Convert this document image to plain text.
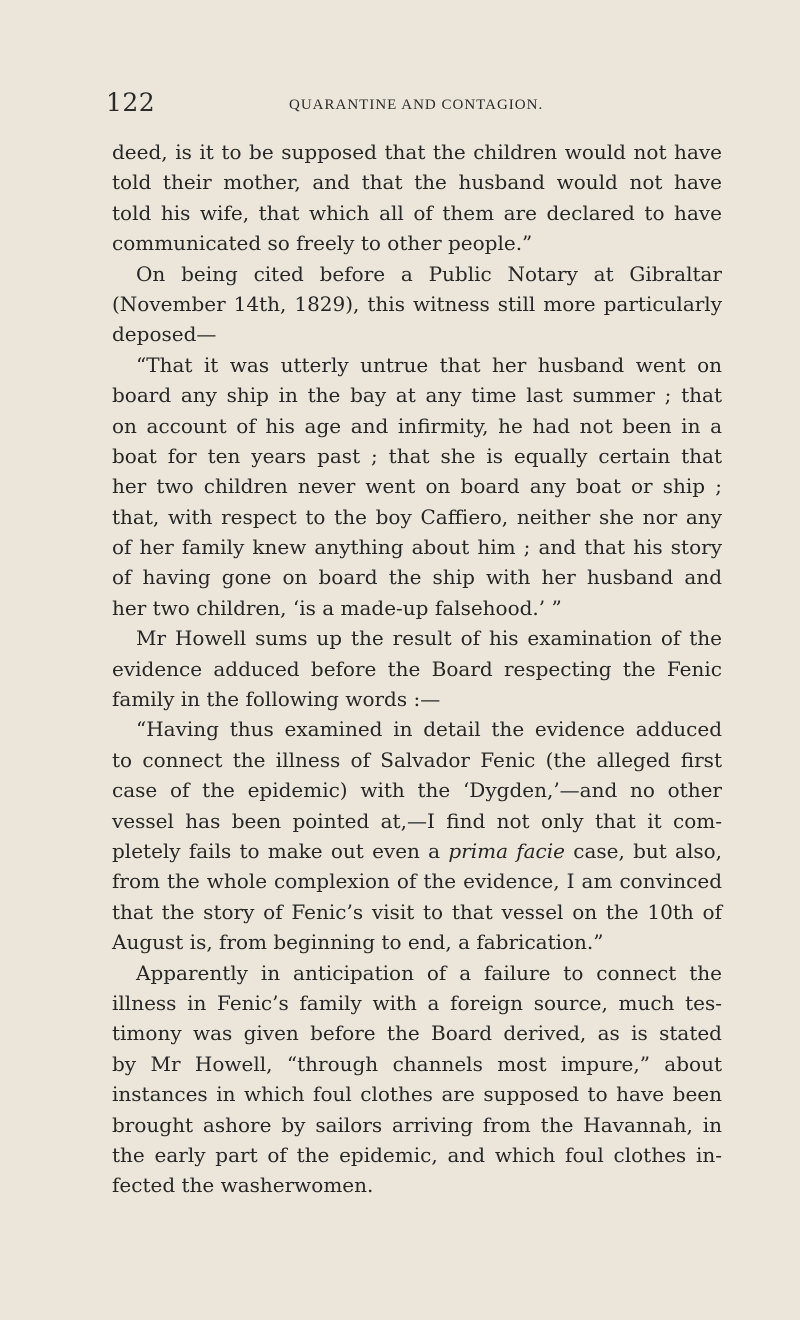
122	QUARANTINE AND CONTAGION.
deed, is it to be supposed that the children would not have
told their mother, and that the husband would not have
told his wife, that which all of them are declared to have
communicated so freely to other people.”
On being cited before a Public Notary at Gibraltar
(November 14th, 1829), this witness still more particularly
deposed—
“That it was utterly untrue that her husband went on
board any ship in the bay at any time last summer ; that
on account of his age and infirmity, he had not been in a
boat for ten years past ; that she is equally certain that
her two children never went on board any boat or ship ;
that, with respect to the boy Caffiero, neither she nor any
of her family knew anything about him ; and that his story
of having gone on board the ship with her husband and
her two children, ‘is a made-up falsehood.’ ”
Mr Howell sums up the result of his examination of the
evidence adduced before the Board respecting the Fenic
family in the following words :—
“Having thus examined in detail the evidence adduced
to connect the illness of Salvador Fenic (the alleged first
case of the epidemic) with the ‘Dygden,’—and no other
vessel has been pointed at,—I find not only that it com-
pletely fails to make out even a prima facie case, but also,
from the whole complexion of the evidence, I am convinced
that the story of Fenic’s visit to that vessel on the 10th of
August is, from beginning to end, a fabrication.”
Apparently in anticipation of a failure to connect the
illness in Fenic’s family with a foreign source, much tes-
timony was given before the Board derived, as is stated
by Mr Howell, “through channels most impure,” about
instances in which foul clothes are supposed to have been
brought ashore by sailors arriving from the Havannah, in
the early part of the epidemic, and which foul clothes in-
fected the washerwomen.
